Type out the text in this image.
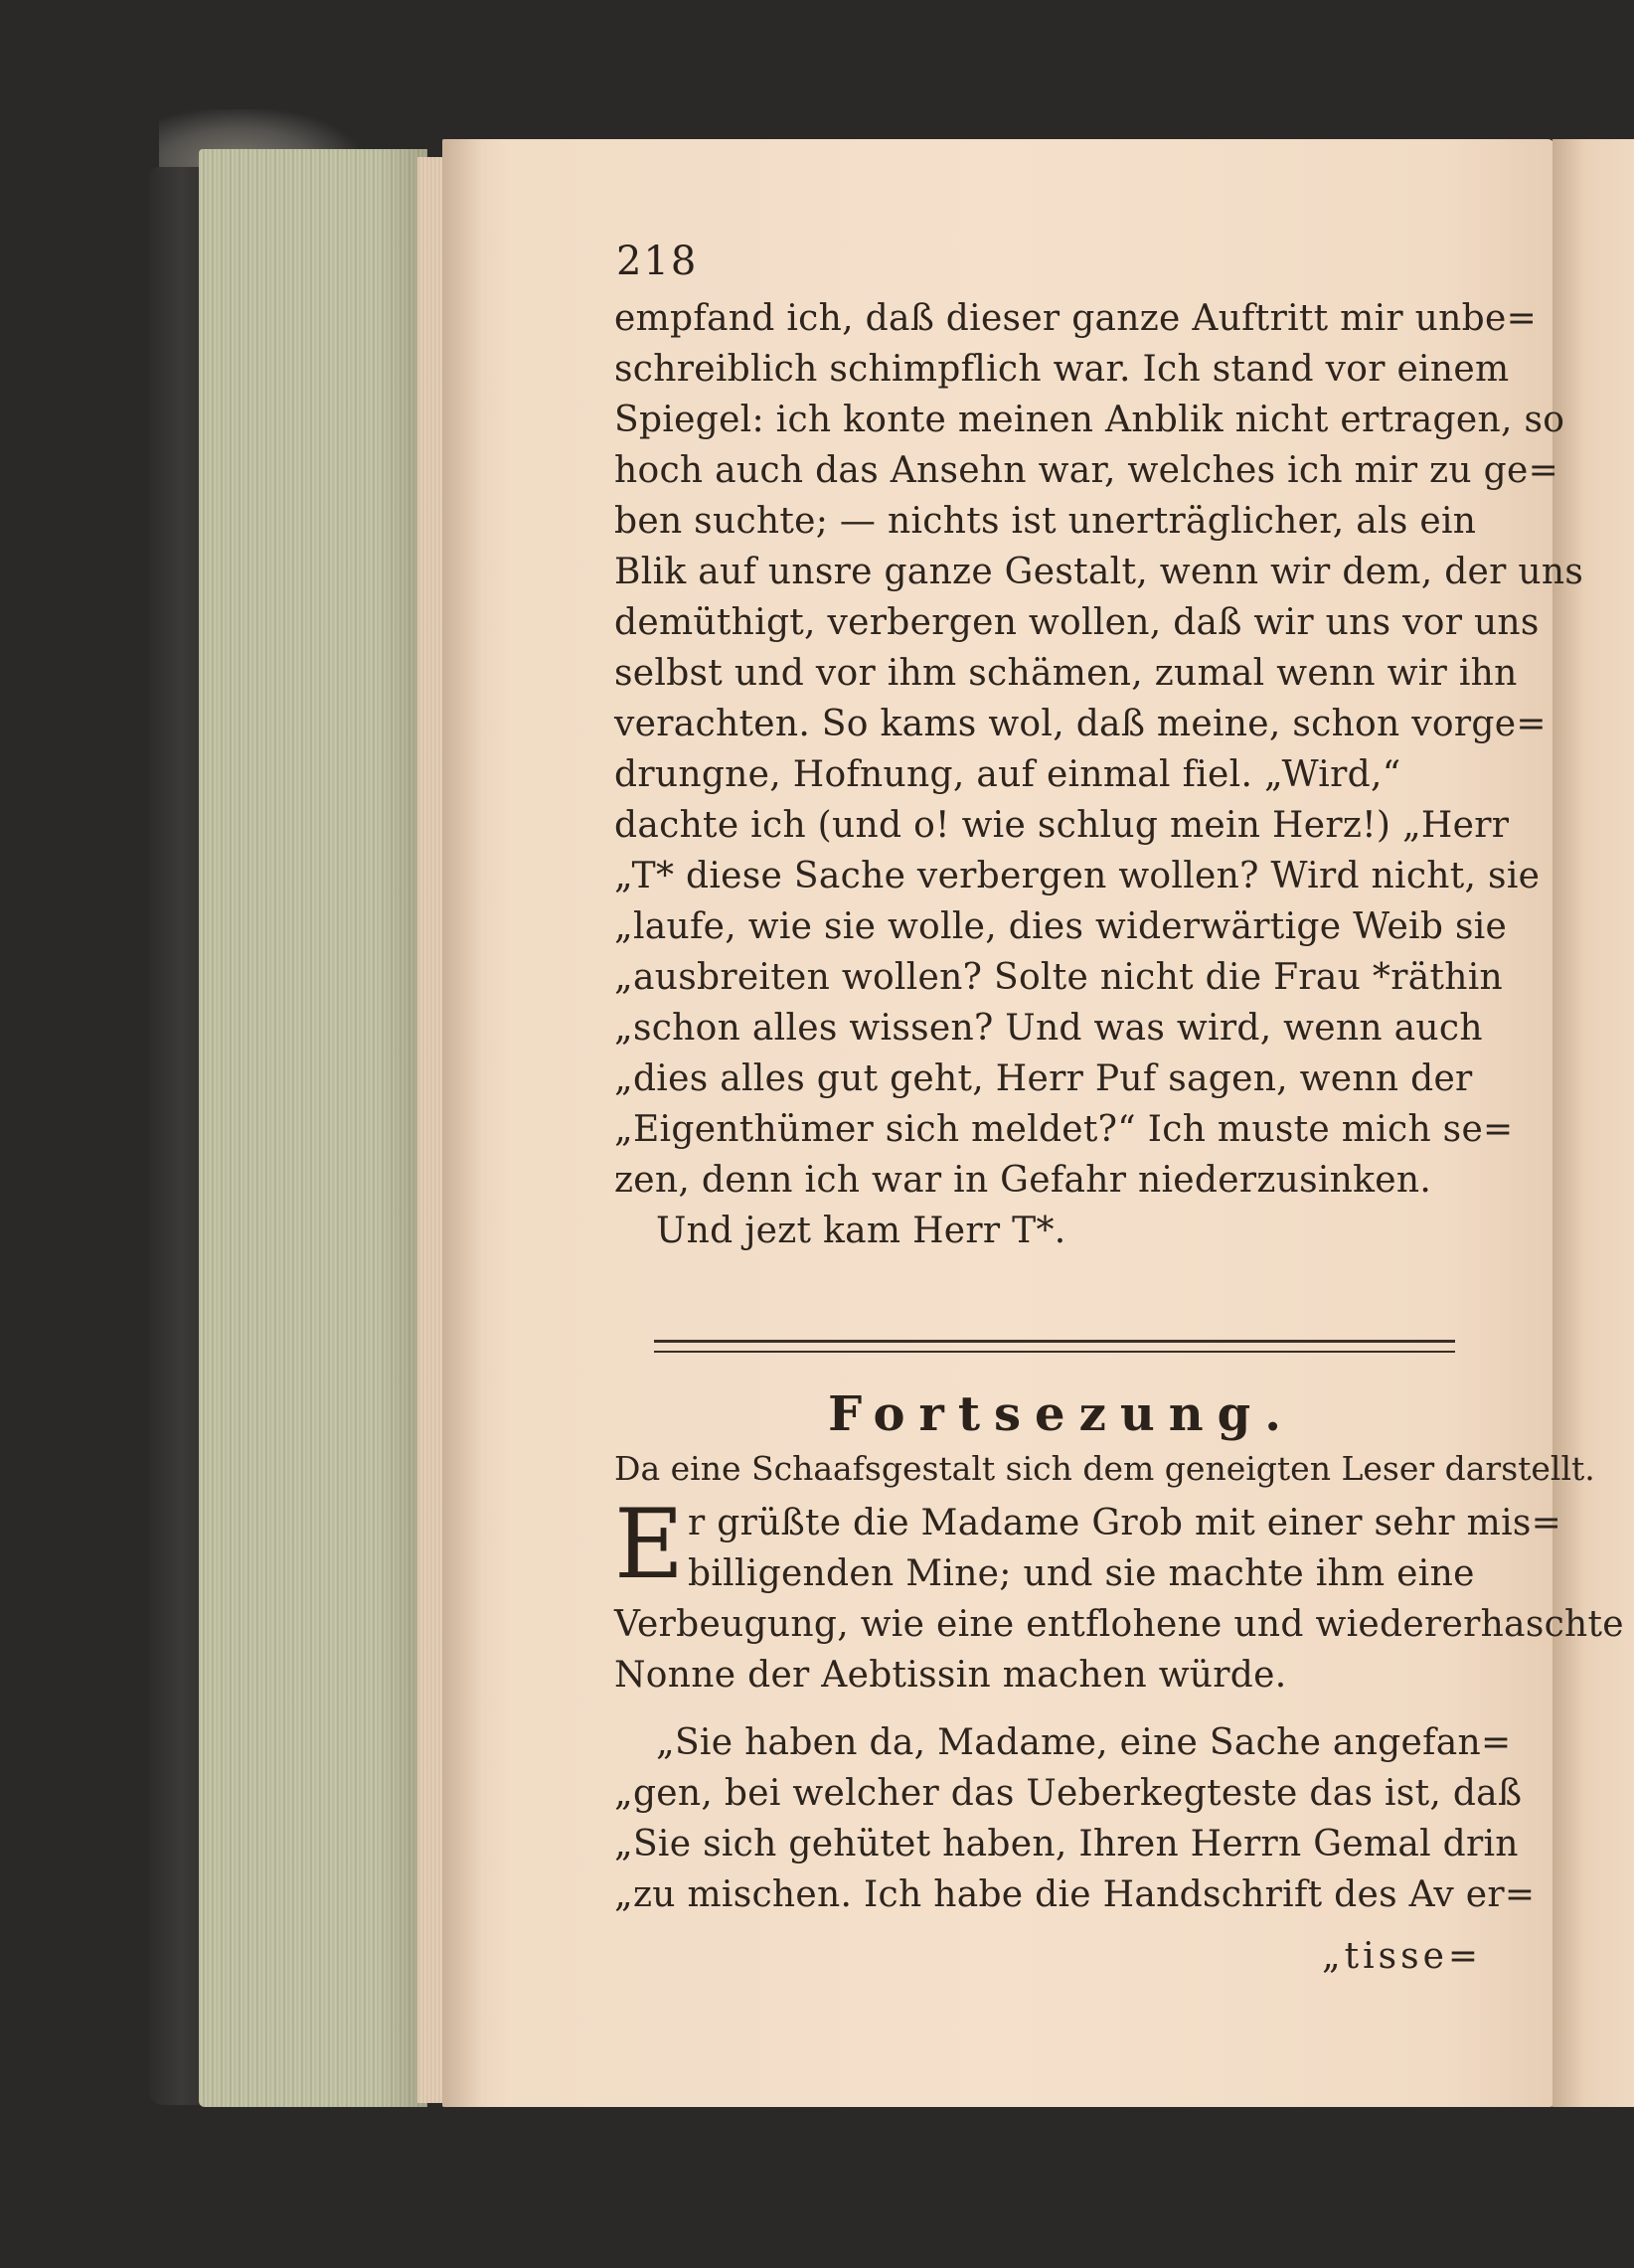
218
empfand ich, daß dieser ganze Auftritt mir unbe=
schreiblich schimpflich war. Ich stand vor einem
Spiegel: ich konte meinen Anblik nicht ertragen, so
hoch auch das Ansehn war, welches ich mir zu ge=
ben suchte; — nichts ist unerträglicher, als ein
Blik auf unsre ganze Gestalt, wenn wir dem, der uns
demüthigt, verbergen wollen, daß wir uns vor uns
selbst und vor ihm schämen, zumal wenn wir ihn
verachten. So kams wol, daß meine, schon vorge=
drungne, Hofnung, auf einmal fiel. „Wird,“
dachte ich (und o! wie schlug mein Herz!) „Herr
„T* diese Sache verbergen wollen? Wird nicht, sie
„laufe, wie sie wolle, dies widerwärtige Weib sie
„ausbreiten wollen? Solte nicht die Frau *räthin
„schon alles wissen? Und was wird, wenn auch
„dies alles gut geht, Herr Puf sagen, wenn der
„Eigenthümer sich meldet?“ Ich muste mich se=
zen, denn ich war in Gefahr niederzusinken.
Und jezt kam Herr T*.
Fortsezung.
Da eine Schaafsgestalt sich dem geneigten Leser darstellt.
E r grüßte die Madame Grob mit einer sehr mis=
billigenden Mine; und sie machte ihm eine
Verbeugung, wie eine entflohene und wiedererhaschte
Nonne der Aebtissin machen würde.
„Sie haben da, Madame, eine Sache angefan=
„gen, bei welcher das Ueberkegteste das ist, daß
„Sie sich gehütet haben, Ihren Herrn Gemal drin
„zu mischen. Ich habe die Handschrift des Av er=
„tisse=
